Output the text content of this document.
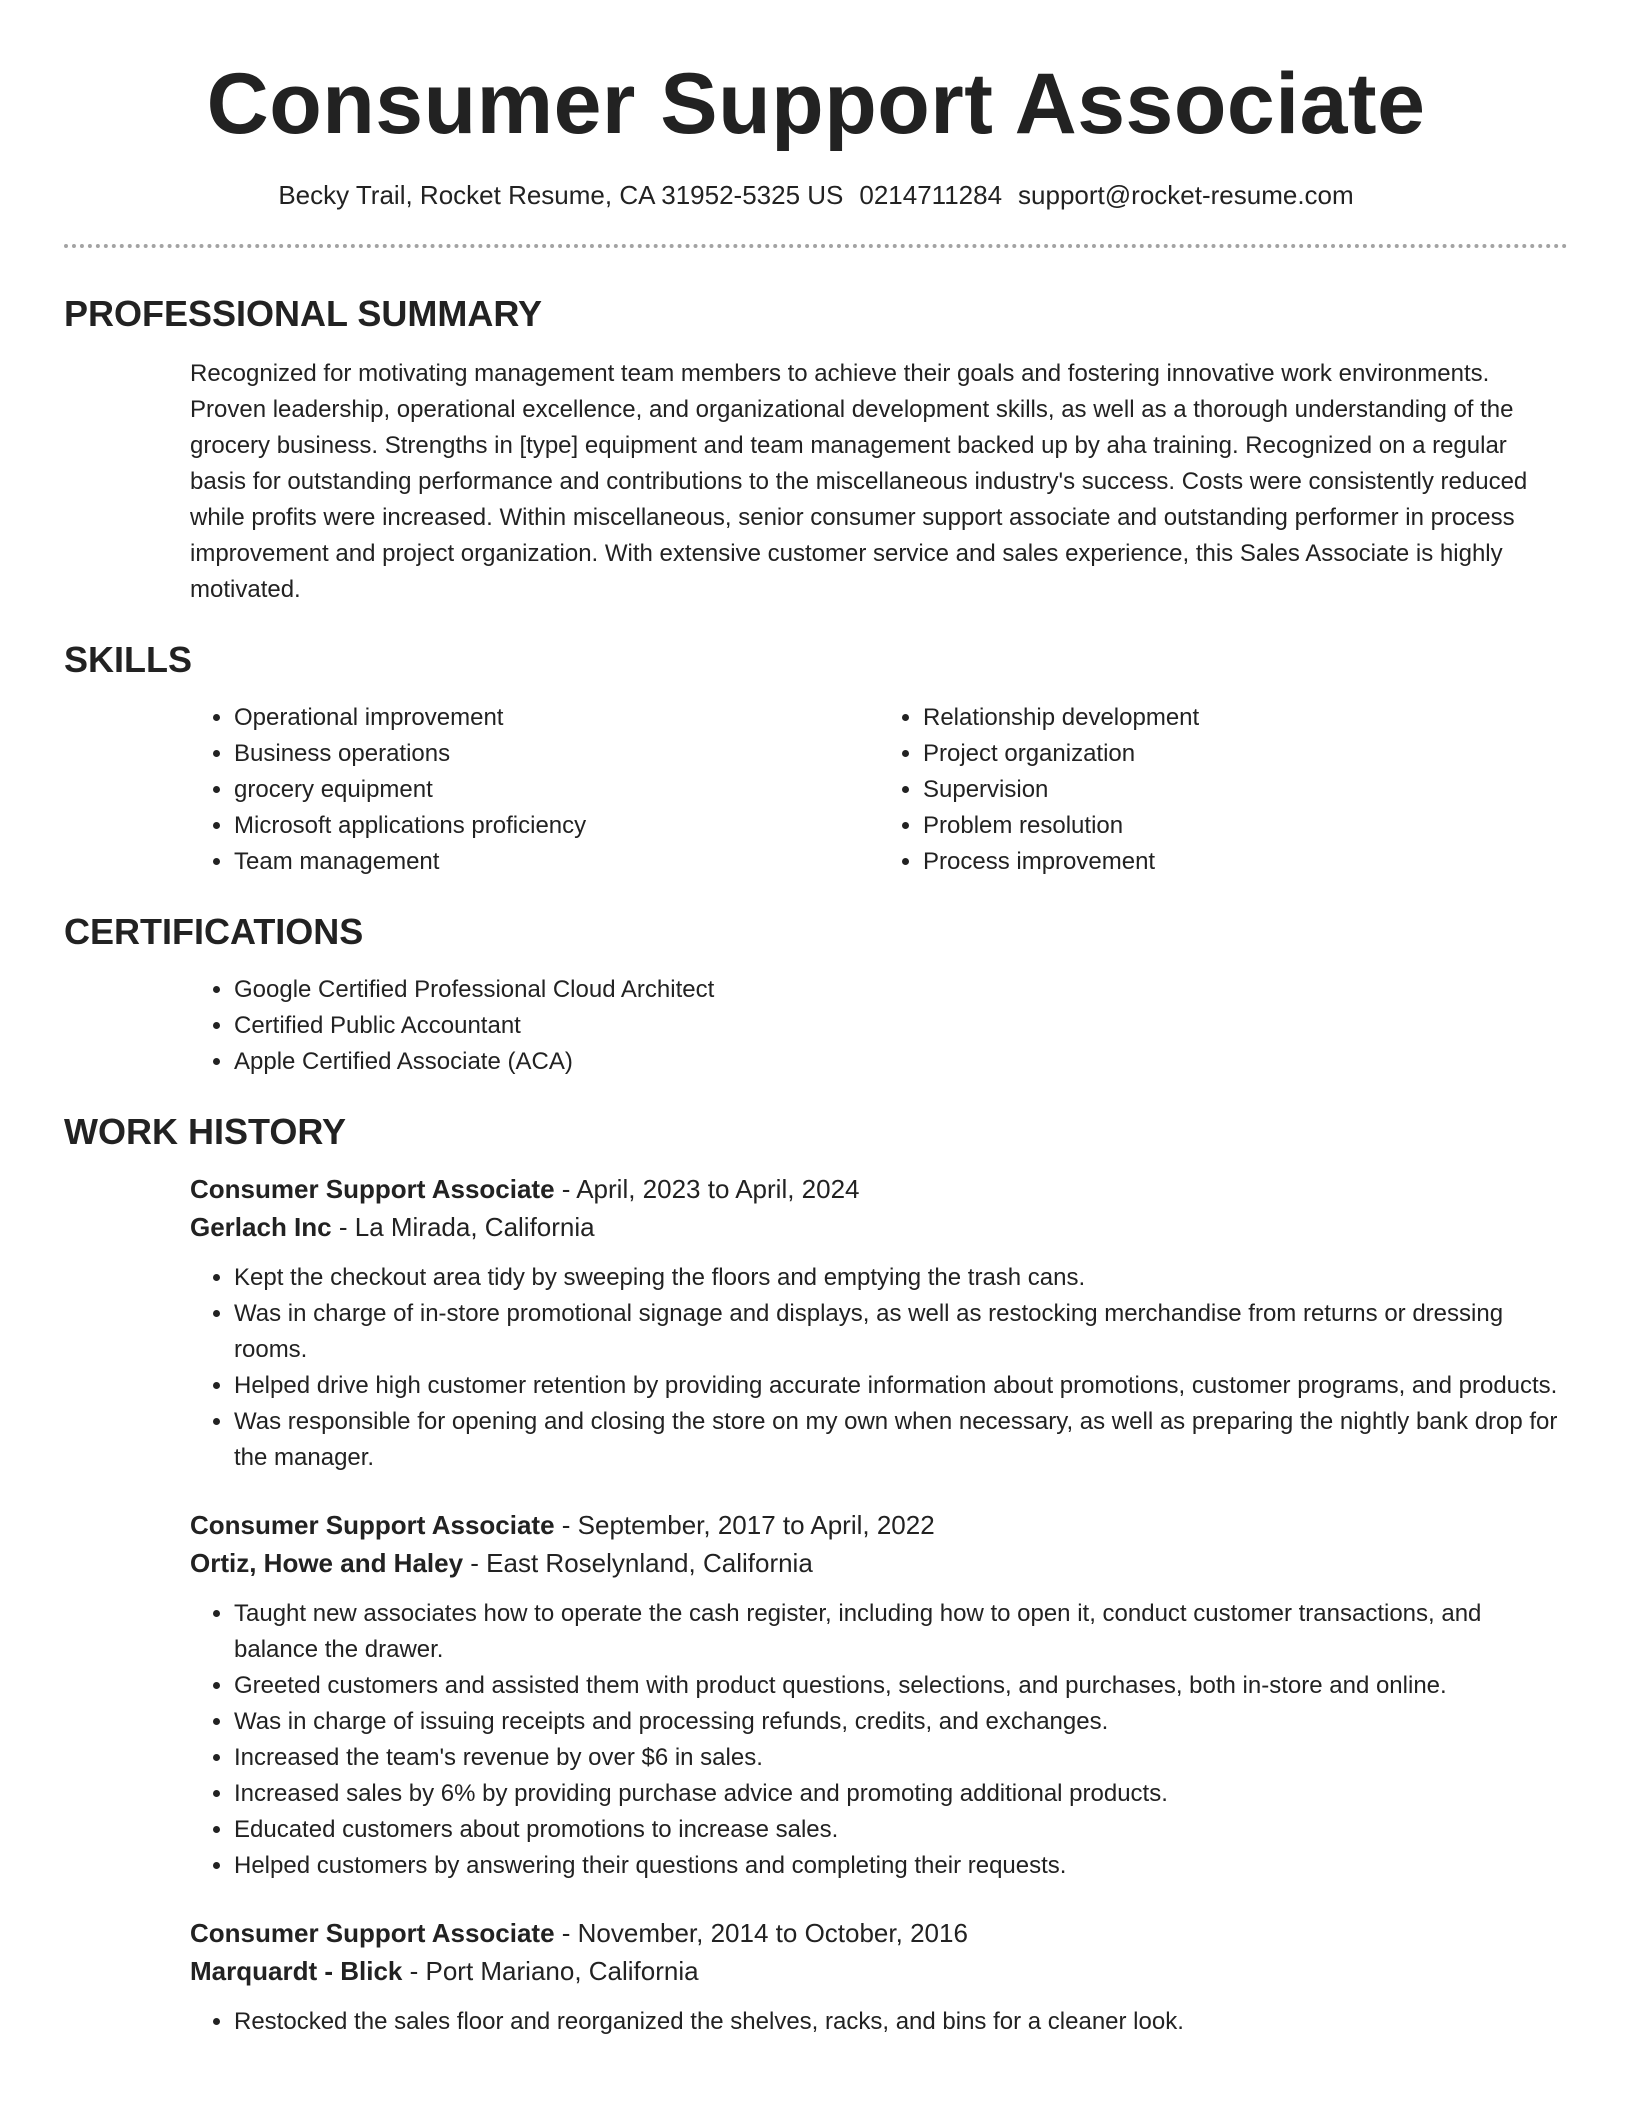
Consumer Support Associate
Becky Trail, Rocket Resume, CA 31952-5325 US 0214711284 support@rocket-resume.com
PROFESSIONAL SUMMARY

Recognized for motivating management team members to achieve their goals and fostering innovative work environments. Proven leadership, operational excellence, and organizational development skills, as well as a thorough understanding of the grocery business. Strengths in [type] equipment and team management backed up by aha training. Recognized on a regular basis for outstanding performance and contributions to the miscellaneous industry's success. Costs were consistently reduced while profits were increased. Within miscellaneous, senior consumer support associate and outstanding performer in process improvement and project organization. With extensive customer service and sales experience, this Sales Associate is highly motivated.

SKILLS
• Operational improvement
• Business operations
• grocery equipment
• Microsoft applications proficiency
• Team management
• Relationship development
• Project organization
• Supervision
• Problem resolution
• Process improvement
CERTIFICATIONS
• Google Certified Professional Cloud Architect
• Certified Public Accountant
• Apple Certified Associate (ACA)
WORK HISTORY
Consumer Support Associate - April, 2023 to April, 2024
Gerlach Inc - La Mirada, California
• Kept the checkout area tidy by sweeping the floors and emptying the trash cans.
• Was in charge of in-store promotional signage and displays, as well as restocking merchandise from returns or dressing rooms.
• Helped drive high customer retention by providing accurate information about promotions, customer programs, and products.
• Was responsible for opening and closing the store on my own when necessary, as well as preparing the nightly bank drop for the manager.
Consumer Support Associate - September, 2017 to April, 2022
Ortiz, Howe and Haley - East Roselynland, California
• Taught new associates how to operate the cash register, including how to open it, conduct customer transactions, and balance the drawer.
• Greeted customers and assisted them with product questions, selections, and purchases, both in-store and online.
• Was in charge of issuing receipts and processing refunds, credits, and exchanges.
• Increased the team's revenue by over $6 in sales.
• Increased sales by 6% by providing purchase advice and promoting additional products.
• Educated customers about promotions to increase sales.
• Helped customers by answering their questions and completing their requests.
Consumer Support Associate - November, 2014 to October, 2016
Marquardt - Blick - Port Mariano, California
• Restocked the sales floor and reorganized the shelves, racks, and bins for a cleaner look.
